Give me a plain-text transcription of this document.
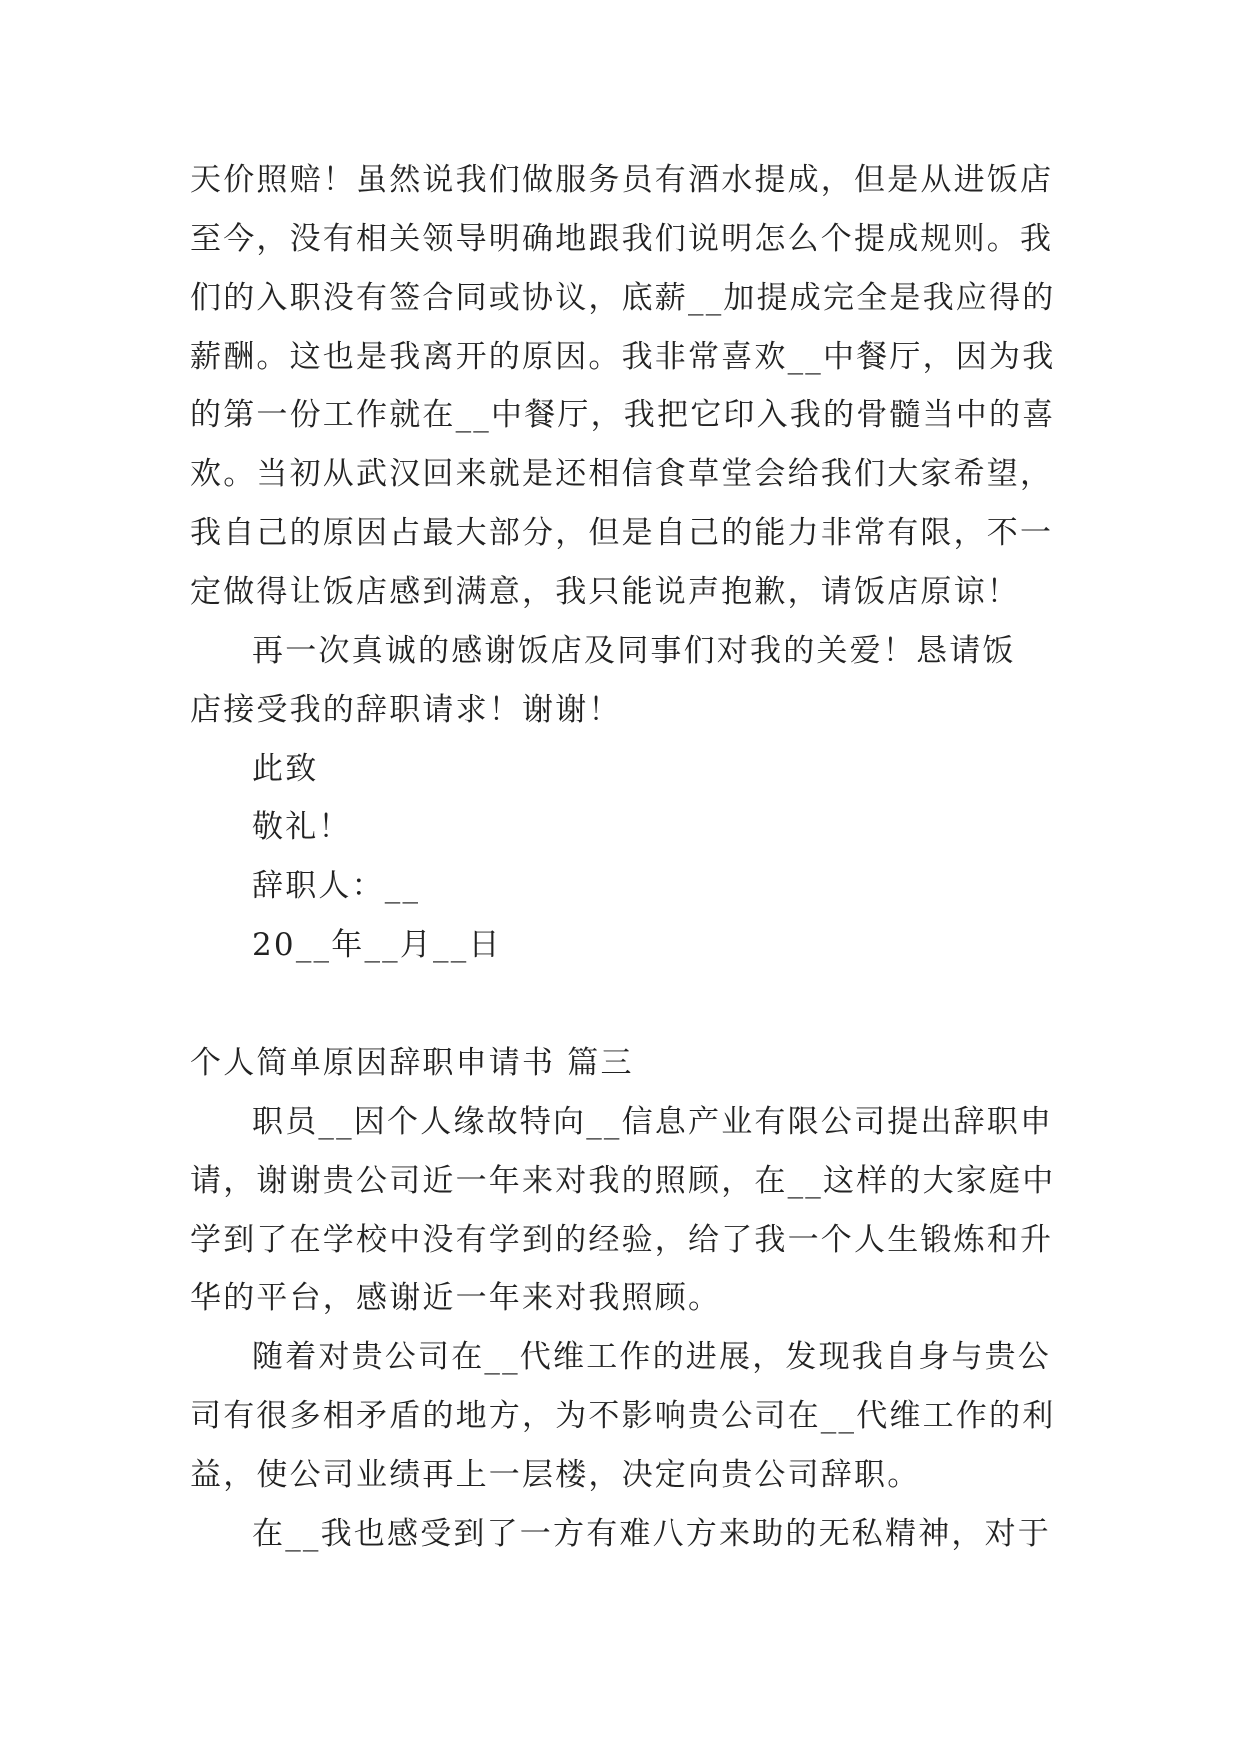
天价照赔！虽然说我们做服务员有酒水提成，但是从进饭店
至今，没有相关领导明确地跟我们说明怎么个提成规则。我
们的入职没有签合同或协议，底薪__加提成完全是我应得的
薪酬。这也是我离开的原因。我非常喜欢__中餐厅，因为我
的第一份工作就在__中餐厅，我把它印入我的骨髓当中的喜
欢。当初从武汉回来就是还相信食草堂会给我们大家希望，
我自己的原因占最大部分，但是自己的能力非常有限，不一
定做得让饭店感到满意，我只能说声抱歉，请饭店原谅！
再一次真诚的感谢饭店及同事们对我的关爱！恳请饭
店接受我的辞职请求！谢谢！
此致
敬礼！
辞职人：__
20__年__月__日
个人简单原因辞职申请书 篇三
职员__因个人缘故特向__信息产业有限公司提出辞职申
请，谢谢贵公司近一年来对我的照顾，在__这样的大家庭中
学到了在学校中没有学到的经验，给了我一个人生锻炼和升
华的平台，感谢近一年来对我照顾。
随着对贵公司在__代维工作的进展，发现我自身与贵公
司有很多相矛盾的地方，为不影响贵公司在__代维工作的利
益，使公司业绩再上一层楼，决定向贵公司辞职。
在__我也感受到了一方有难八方来助的无私精神，对于
